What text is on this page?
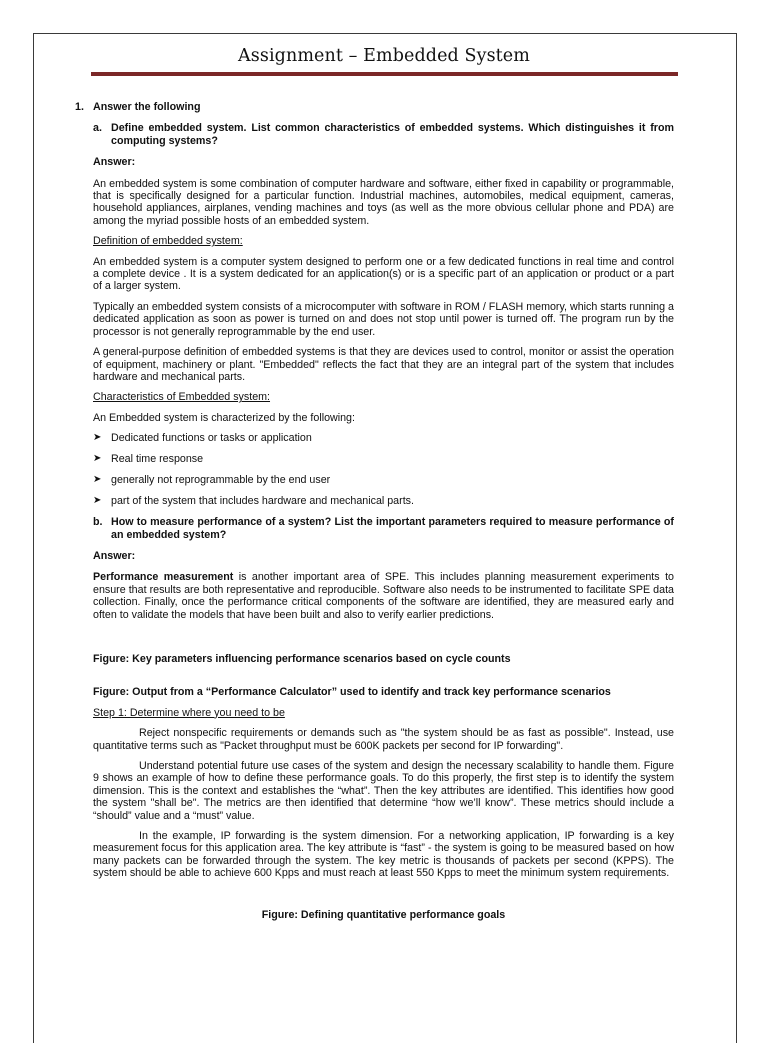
Assignment – Embedded System

1. Answer the following

a. Define embedded system. List common characteristics of embedded systems. Which distinguishes it from computing systems?

Answer:

An embedded system is some combination of computer hardware and software, either fixed in capability or programmable, that is specifically designed for a particular function. Industrial machines, automobiles, medical equipment, cameras, household appliances, airplanes, vending machines and toys (as well as the more obvious cellular phone and PDA) are among the myriad possible hosts of an embedded system.

Definition of embedded system:

An embedded system is a computer system designed to perform one or a few dedicated functions in real time and control a complete device . It is a system dedicated for an application(s) or is a specific part of an application or product or a part of a larger system.

Typically an embedded system consists of a microcomputer with software in ROM / FLASH memory, which starts running a dedicated application as soon as power is turned on and does not stop until power is turned off. The program run by the processor is not generally reprogrammable by the end user.

A general-purpose definition of embedded systems is that they are devices used to control, monitor or assist the operation of equipment, machinery or plant. "Embedded" reflects the fact that they are an integral part of the system that includes hardware and mechanical parts.

Characteristics of Embedded system:

An Embedded system is characterized by the following:

➤ Dedicated functions or tasks or application
➤ Real time response
➤ generally not reprogrammable by the end user
➤ part of the system that includes hardware and mechanical parts.

b. How to measure performance of a system? List the important parameters required to measure performance of an embedded system?

Answer:

Performance measurement is another important area of SPE. This includes planning measurement experiments to ensure that results are both representative and reproducible. Software also needs to be instrumented to facilitate SPE data collection. Finally, once the performance critical components of the software are identified, they are measured early and often to validate the models that have been built and also to verify earlier predictions.

Figure: Key parameters influencing performance scenarios based on cycle counts

Figure: Output from a “Performance Calculator” used to identify and track key performance scenarios

Step 1: Determine where you need to be

Reject nonspecific requirements or demands such as "the system should be as fast as possible". Instead, use quantitative terms such as "Packet throughput must be 600K packets per second for IP forwarding".

Understand potential future use cases of the system and design the necessary scalability to handle them. Figure 9 shows an example of how to define these performance goals. To do this properly, the first step is to identify the system dimension. This is the context and establishes the “what”. Then the key attributes are identified. This identifies how good the system "shall be". The metrics are then identified that determine “how we’ll know”. These metrics should include a “should” value and a “must” value.

In the example, IP forwarding is the system dimension. For a networking application, IP forwarding is a key measurement focus for this application area. The key attribute is “fast” - the system is going to be measured based on how many packets can be forwarded through the system. The key metric is thousands of packets per second (KPPS). The system should be able to achieve 600 Kpps and must reach at least 550 Kpps to meet the minimum system requirements.

Figure: Defining quantitative performance goals
